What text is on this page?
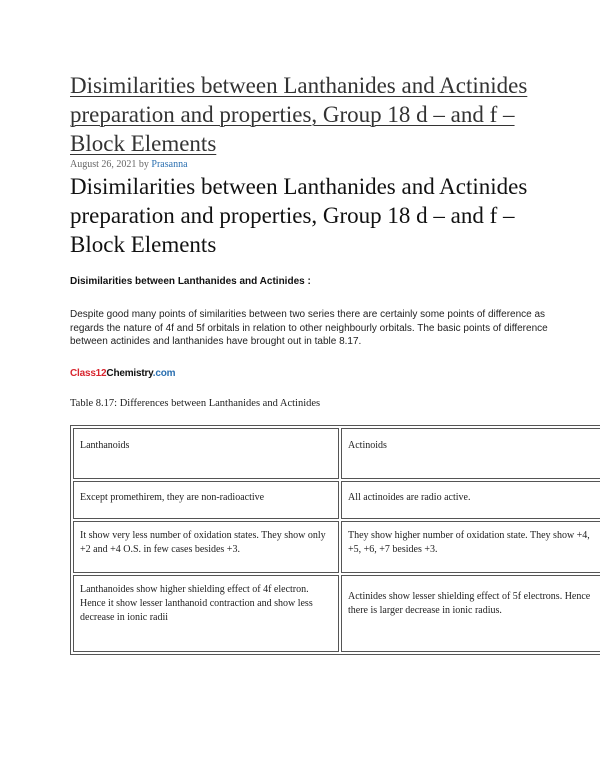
Disimilarities between Lanthanides and Actinides preparation and properties, Group 18 d – and f – Block Elements
August 26, 2021 by Prasanna
Disimilarities between Lanthanides and Actinides preparation and properties, Group 18 d – and f – Block Elements

Disimilarities between Lanthanides and Actinides :

Despite good many points of similarities between two series there are certainly some points of difference as regards the nature of 4f and 5f orbitals in relation to other neighbourly orbitals. The basic points of difference between actinides and lanthanides have brought out in table 8.17.

Class12Chemistry.com

Table 8.17: Differences between Lanthanides and Actinides

Lanthanoids	Actinoids
Except promethirem, they are non-radioactive	All actinoides are radio active.
It show very less number of oxidation states. They show only +2 and +4 O.S. in few cases besides +3.	They show higher number of oxidation state. They show +4, +5, +6, +7 besides +3.
Lanthanoides show higher shielding effect of 4f electron. Hence it show lesser lanthanoid contraction and show less decrease in ionic radii	Actinides show lesser shielding effect of 5f electrons. Hence there is larger decrease in ionic radius.
